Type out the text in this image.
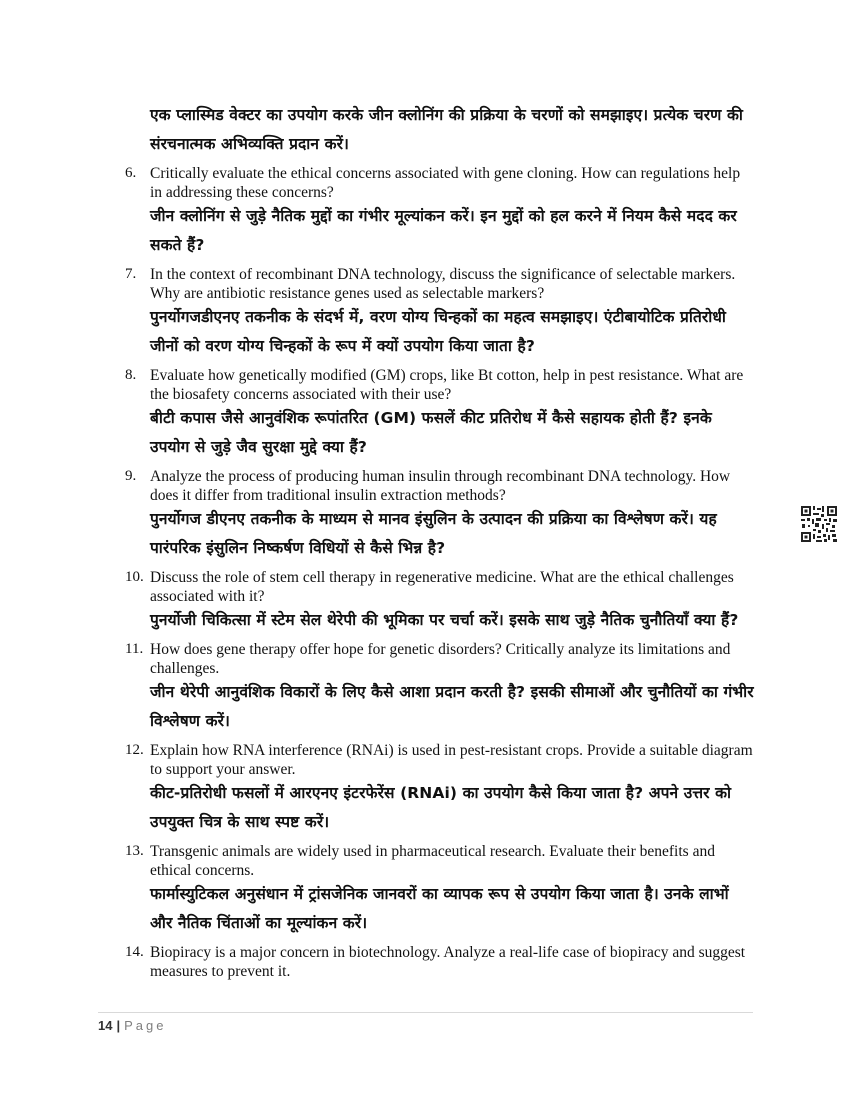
एक प्लास्मिड वेक्टर का उपयोग करके जीन क्लोनिंग की प्रक्रिया के चरणों को समझाइए। प्रत्येक चरण की संरचनात्मक अभिव्यक्ति प्रदान करें।
6. Critically evaluate the ethical concerns associated with gene cloning. How can regulations help in addressing these concerns?
जीन क्लोनिंग से जुड़े नैतिक मुद्दों का गंभीर मूल्यांकन करें। इन मुद्दों को हल करने में नियम कैसे मदद कर सकते हैं?
7. In the context of recombinant DNA technology, discuss the significance of selectable markers. Why are antibiotic resistance genes used as selectable markers?
पुनर्योगजडीएनए तकनीक के संदर्भ में, वरण योग्य चिन्हकों का महत्व समझाइए। एंटीबायोटिक प्रतिरोधी जीनों को वरण योग्य चिन्हकों के रूप में क्यों उपयोग किया जाता है?
8. Evaluate how genetically modified (GM) crops, like Bt cotton, help in pest resistance. What are the biosafety concerns associated with their use?
बीटी कपास जैसे आनुवंशिक रूपांतरित (GM) फसलें कीट प्रतिरोध में कैसे सहायक होती हैं? इनके उपयोग से जुड़े जैव सुरक्षा मुद्दे क्या हैं?
9. Analyze the process of producing human insulin through recombinant DNA technology. How does it differ from traditional insulin extraction methods?
पुनर्योगज डीएनए तकनीक के माध्यम से मानव इंसुलिन के उत्पादन की प्रक्रिया का विश्लेषण करें। यह पारंपरिक इंसुलिन निष्कर्षण विधियों से कैसे भिन्न है?
10. Discuss the role of stem cell therapy in regenerative medicine. What are the ethical challenges associated with it?
पुनर्योजी चिकित्सा में स्टेम सेल थेरेपी की भूमिका पर चर्चा करें। इसके साथ जुड़े नैतिक चुनौतियाँ क्या हैं?
11. How does gene therapy offer hope for genetic disorders? Critically analyze its limitations and challenges.
जीन थेरेपी आनुवंशिक विकारों के लिए कैसे आशा प्रदान करती है? इसकी सीमाओं और चुनौतियों का गंभीर विश्लेषण करें।
12. Explain how RNA interference (RNAi) is used in pest-resistant crops. Provide a suitable diagram to support your answer.
कीट-प्रतिरोधी फसलों में आरएनए इंटरफेरेंस (RNAi) का उपयोग कैसे किया जाता है? अपने उत्तर को उपयुक्त चित्र के साथ स्पष्ट करें।
13. Transgenic animals are widely used in pharmaceutical research. Evaluate their benefits and ethical concerns.
फार्मास्युटिकल अनुसंधान में ट्रांसजेनिक जानवरों का व्यापक रूप से उपयोग किया जाता है। उनके लाभों और नैतिक चिंताओं का मूल्यांकन करें।
14. Biopiracy is a major concern in biotechnology. Analyze a real-life case of biopiracy and suggest measures to prevent it.
14 | Page
